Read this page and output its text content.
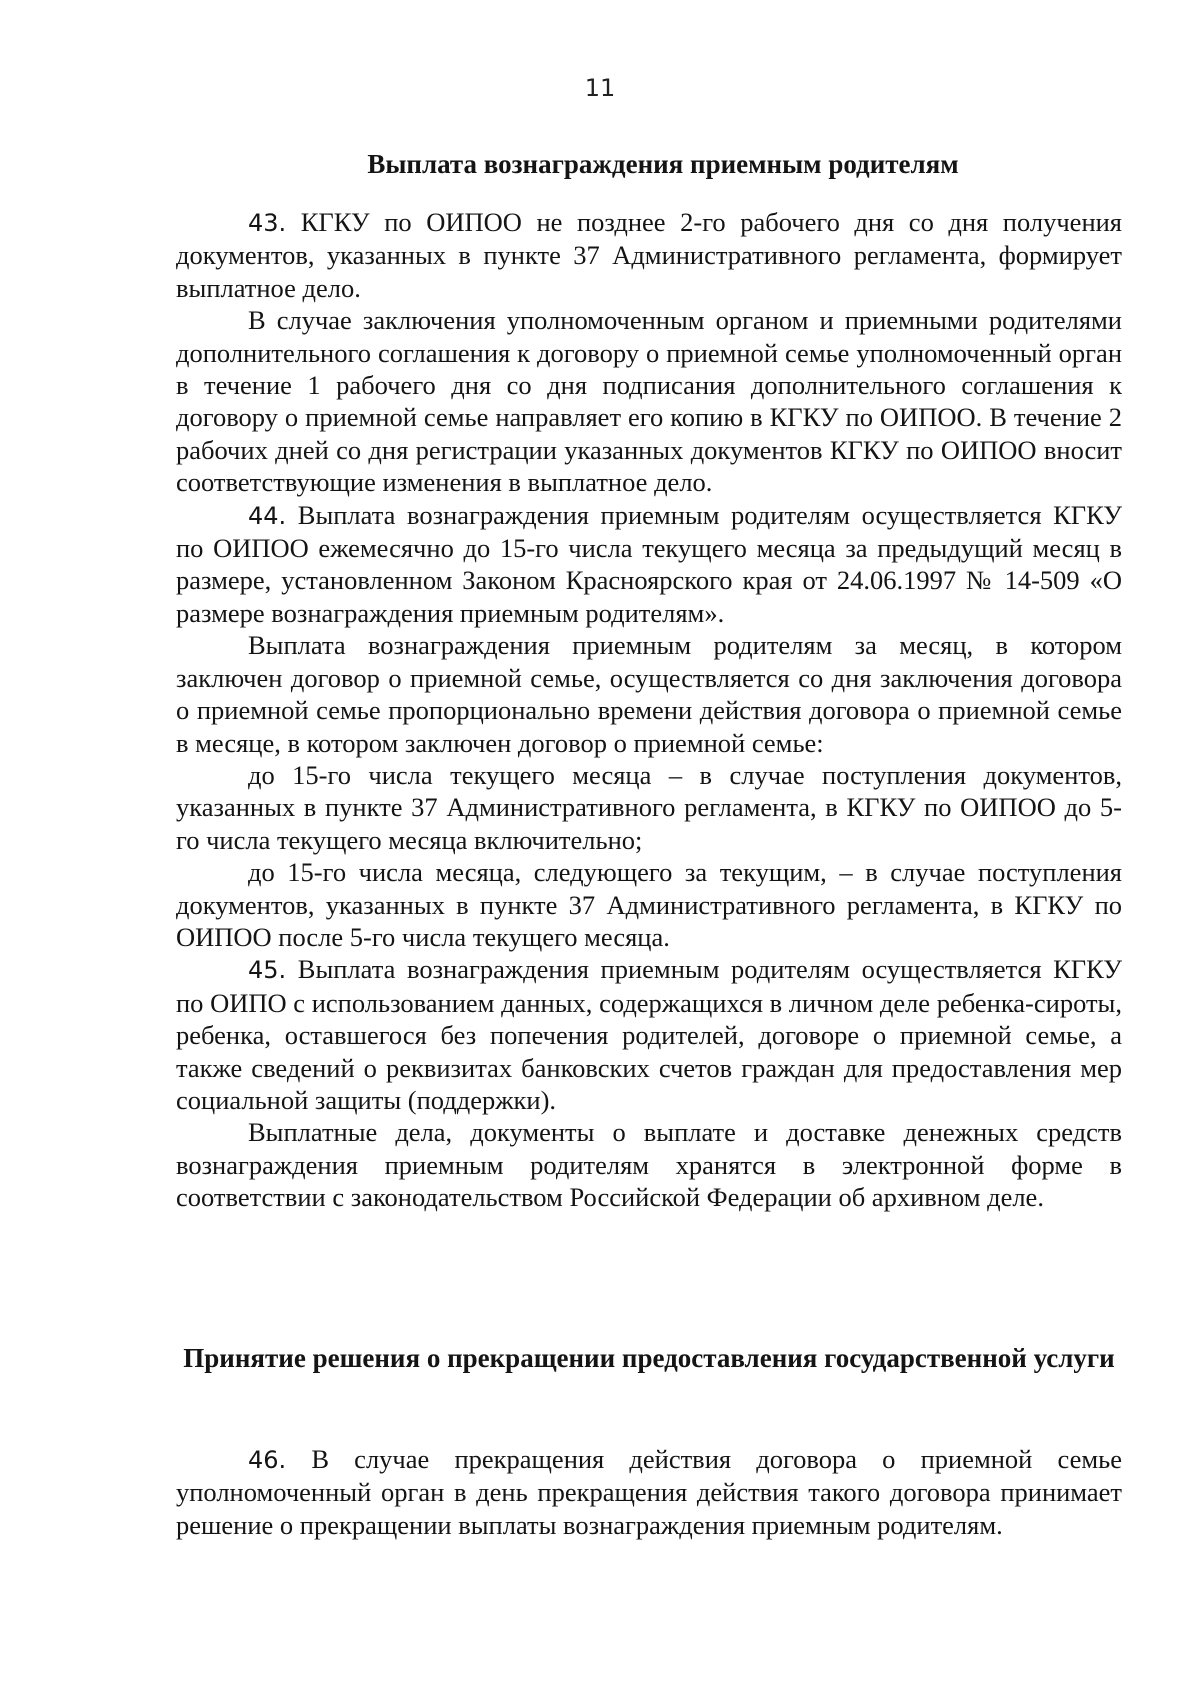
11
Выплата вознаграждения приемным родителям

43. КГКУ по ОИПОО не позднее 2-го рабочего дня со дня получения документов, указанных в пункте 37 Административного регламента, формирует выплатное дело.

В случае заключения уполномоченным органом и приемными родителями дополнительного соглашения к договору о приемной семье уполномоченный орган в течение 1 рабочего дня со дня подписания дополнительного соглашения к договору о приемной семье направляет его копию в КГКУ по ОИПОО. В течение 2 рабочих дней со дня регистрации указанных документов КГКУ по ОИПОО вносит соответствующие изменения в выплатное дело.

44. Выплата вознаграждения приемным родителям осуществляется КГКУ по ОИПОО ежемесячно до 15-го числа текущего месяца за предыдущий месяц в размере, установленном Законом Красноярского края от 24.06.1997 № 14-509 «О размере вознаграждения приемным родителям».

Выплата вознаграждения приемным родителям за месяц, в котором заключен договор о приемной семье, осуществляется со дня заключения договора о приемной семье пропорционально времени действия договора о приемной семье в месяце, в котором заключен договор о приемной семье:

до 15-го числа текущего месяца – в случае поступления документов, указанных в пункте 37 Административного регламента, в КГКУ по ОИПОО до 5-го числа текущего месяца включительно;

до 15-го числа месяца, следующего за текущим, – в случае поступления документов, указанных в пункте 37 Административного регламента, в КГКУ по ОИПОО после 5-го числа текущего месяца.

45. Выплата вознаграждения приемным родителям осуществляется КГКУ по ОИПО с использованием данных, содержащихся в личном деле ребенка-сироты, ребенка, оставшегося без попечения родителей, договоре о приемной семье, а также сведений о реквизитах банковских счетов граждан для предоставления мер социальной защиты (поддержки).

Выплатные дела, документы о выплате и доставке денежных средств вознаграждения приемным родителям хранятся в электронной форме в соответствии с законодательством Российской Федерации об архивном деле.

Принятие решения о прекращении предоставления государственной услуги

46. В случае прекращения действия договора о приемной семье уполномоченный орган в день прекращения действия такого договора принимает решение о прекращении выплаты вознаграждения приемным родителям.
